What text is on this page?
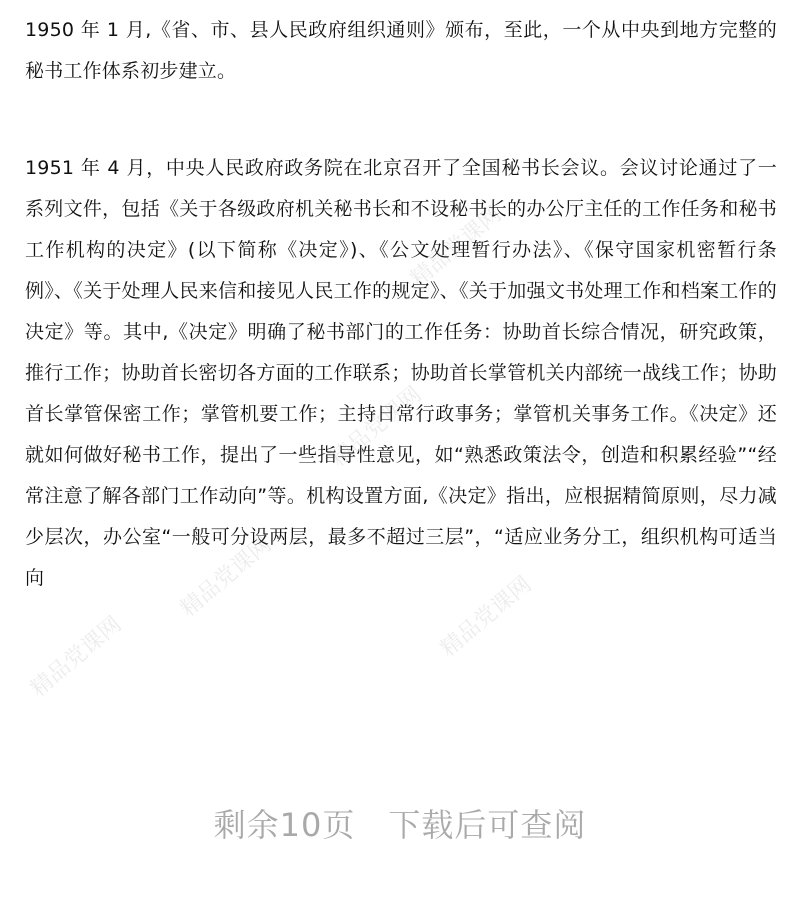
1950 年 1 月,《省、市、县人民政府组织通则》颁布，至此，一个从中央到地方完整的秘书工作体系初步建立。

1951 年 4 月，中央人民政府政务院在北京召开了全国秘书长会议。会议讨论通过了一系列文件，包括《关于各级政府机关秘书长和不设秘书长的办公厅主任的工作任务和秘书工作机构的决定》(以下简称《决定》)、《公文处理暂行办法》、《保守国家机密暂行条例》、《关于处理人民来信和接见人民工作的规定》、《关于加强文书处理工作和档案工作的决定》等。其中,《决定》明确了秘书部门的工作任务：协助首长综合情况，研究政策，推行工作；协助首长密切各方面的工作联系；协助首长掌管机关内部统一战线工作；协助首长掌管保密工作；掌管机要工作；主持日常行政事务；掌管机关事务工作。《决定》还就如何做好秘书工作，提出了一些指导性意见，如“熟悉政策法令，创造和积累经验”“经常注意了解各部门工作动向”等。机构设置方面,《决定》指出，应根据精简原则，尽力减少层次，办公室“一般可分设两层，最多不超过三层”，“适应业务分工，组织机构可适当向

精品党课网
精品党课网
精品党课网	精品党课网
精品党课网
剩余10页　下载后可查阅
